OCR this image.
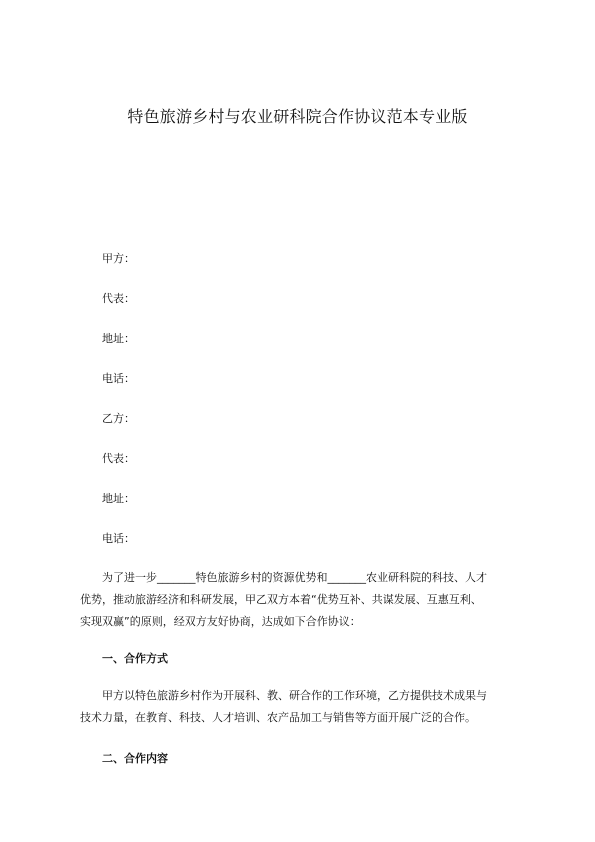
特色旅游乡村与农业研科院合作协议范本专业版
甲方：
代表：
地址：
电话：
乙方：
代表：
地址：
电话：
为了进一步_______特色旅游乡村的资源优势和_______农业研科院的科技、人才
优势，推动旅游经济和科研发展，甲乙双方本着“优势互补、共谋发展、互惠互利、
实现双赢”的原则，经双方友好协商，达成如下合作协议：
一、合作方式
甲方以特色旅游乡村作为开展科、教、研合作的工作环境，乙方提供技术成果与
技术力量，在教育、科技、人才培训、农产品加工与销售等方面开展广泛的合作。
二、合作内容
